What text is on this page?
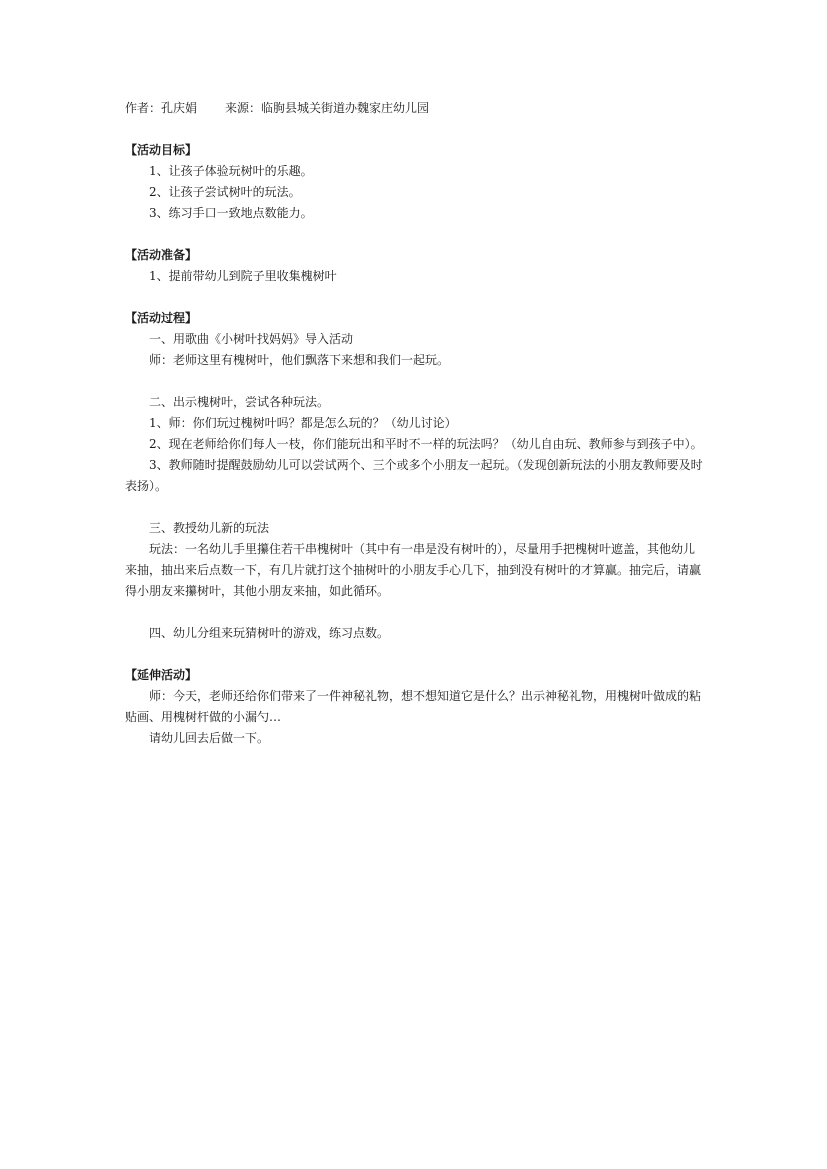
作者：孔庆娟 来源：临朐县城关街道办魏家庄幼儿园
【活动目标】
1、让孩子体验玩树叶的乐趣。
2、让孩子尝试树叶的玩法。
3、练习手口一致地点数能力。
【活动准备】
1、提前带幼儿到院子里收集槐树叶
【活动过程】
一、用歌曲《小树叶找妈妈》导入活动
师：老师这里有槐树叶，他们飘落下来想和我们一起玩。
二、出示槐树叶，尝试各种玩法。
1、师：你们玩过槐树叶吗？都是怎么玩的？（幼儿讨论）
2、现在老师给你们每人一枝，你们能玩出和平时不一样的玩法吗？（幼儿自由玩、教师参与到孩子中）。
3、教师随时提醒鼓励幼儿可以尝试两个、三个或多个小朋友一起玩。（发现创新玩法的小朋友教师要及时表扬）。
三、教授幼儿新的玩法
玩法：一名幼儿手里攥住若干串槐树叶（其中有一串是没有树叶的），尽量用手把槐树叶遮盖，其他幼儿来抽，抽出来后点数一下，有几片就打这个抽树叶的小朋友手心几下，抽到没有树叶的才算赢。抽完后，请赢得小朋友来攥树叶，其他小朋友来抽，如此循环。
四、幼儿分组来玩猜树叶的游戏，练习点数。
【延伸活动】
师：今天，老师还给你们带来了一件神秘礼物，想不想知道它是什么？出示神秘礼物，用槐树叶做成的粘贴画、用槐树杆做的小漏勺…
请幼儿回去后做一下。
